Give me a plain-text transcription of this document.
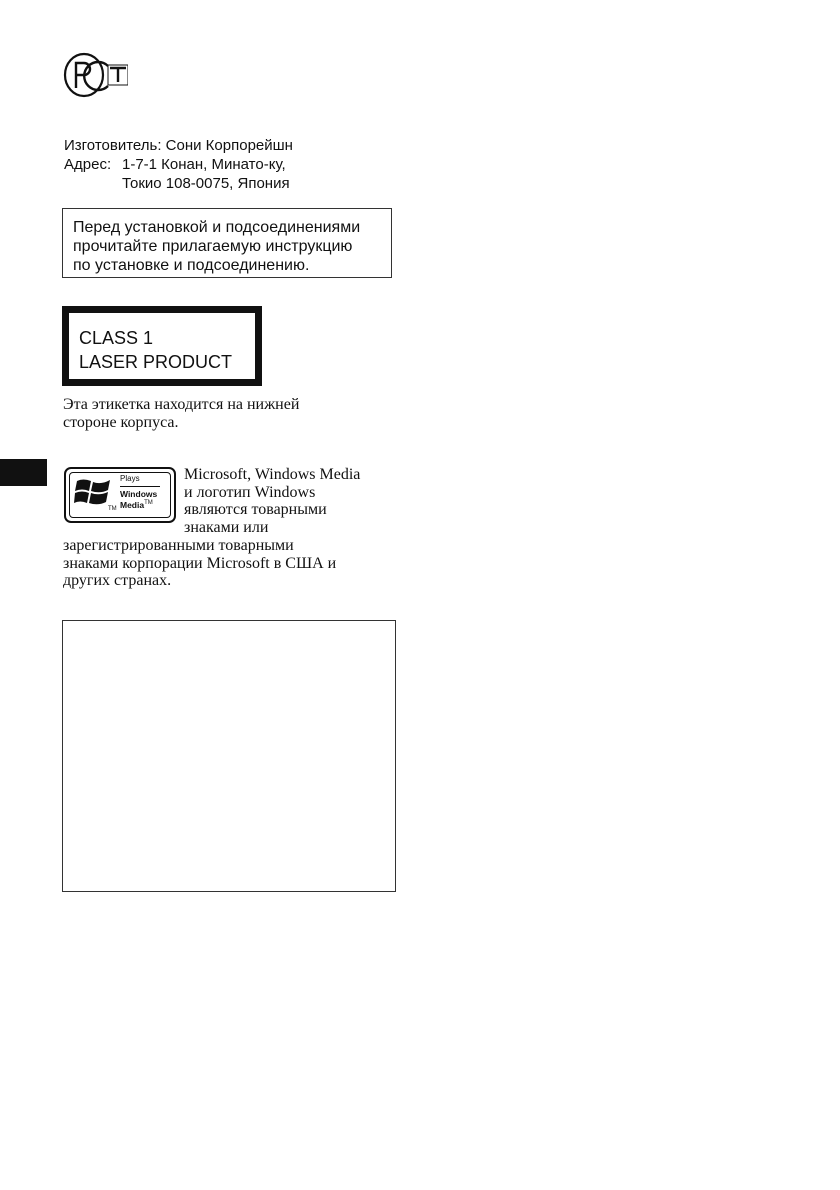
Изготовитель:
Сони Корпорейшн
Адрес: 1-7-1 Конан, Минато-ку,
Токио 108-0075, Япония
Перед установкой и подсоединениями
прочитайте прилагаемую инструкцию
по установке и подсоединению.
CLASS 1
LASER PRODUCT
Эта этикетка находится на нижней
стороне корпуса.
TM
Plays
Windows
Media™
Microsoft, Windows Media
и логотип Windows
являются товарными
знаками или
зарегистрированными товарными
знаками корпорации Microsoft в США и
других странах.
